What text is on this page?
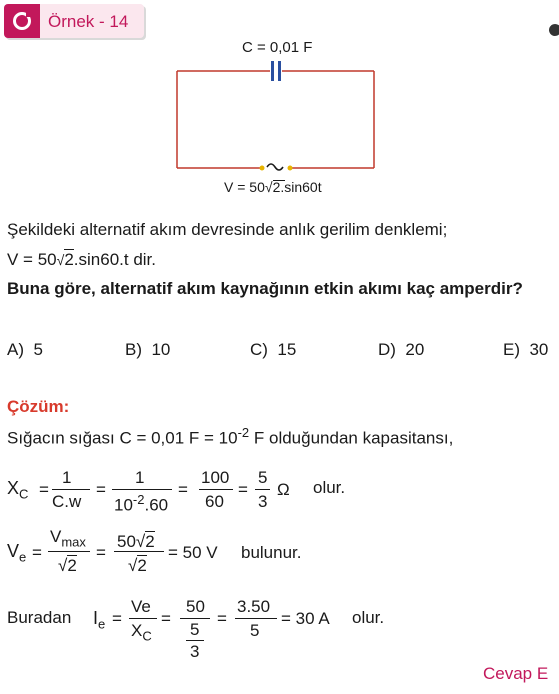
Örnek - 14
C = 0,01 F
V = 50√
2.sin60t
Şekildeki alternatif akım devresinde anlık gerilim denklemi;
V = 50√2.sin60.t dir.
Buna göre, alternatif akım kaynağının etkin akımı kaç amperdir?
A) 5	B) 10	C) 15	D) 20	E) 30
Çözüm:
Sığacın sığası C = 0,01 $F = 10^{-2}$ F olduğundan kapasitansı,
$X_C$ =
1
C.w
=
1
$10^{-2}.60$
=
100
60
=
5
3
Ω olur.
$V_e$ =
$V_{max}$
√2
=
50√2
√2
= 50 V bulunur.
Buradan $I_e$ =
Ve
$X_C$
=
50
5
3
=
3.50
5
= 30 A olur.
Cevap E
